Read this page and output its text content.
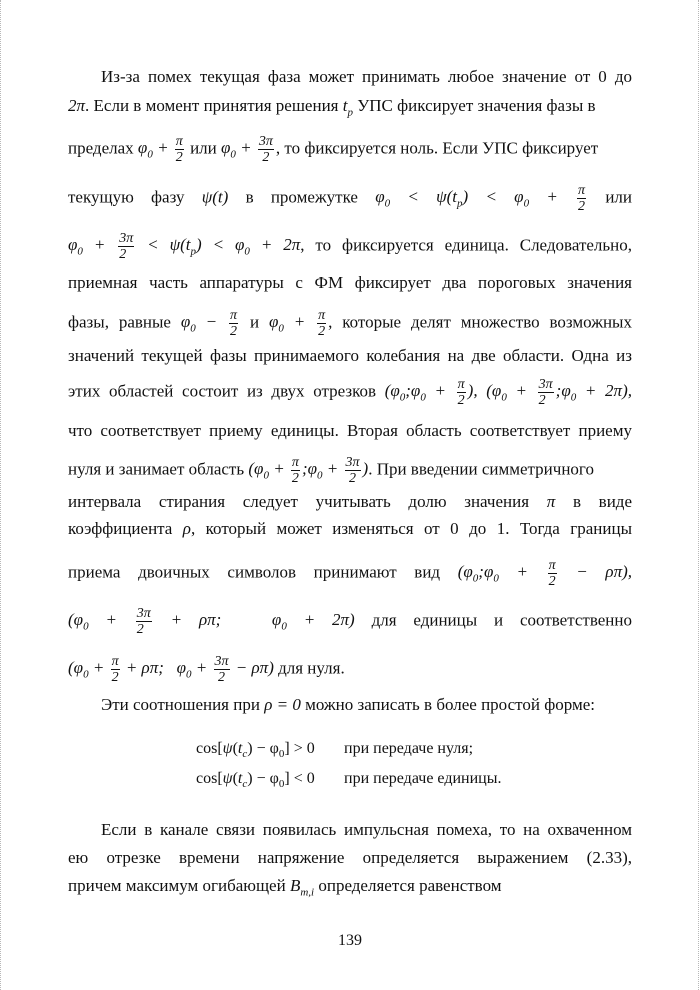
Из-за помех текущая фаза может принимать любое значение от 0 до
2π. Если в момент принятия решения $t_p$ УПС фиксирует значения фазы в
пределах $\varphi_0 + \frac{\pi}{2}$ или $\varphi_0 + \frac{3\pi}{2}$ , то фиксируется ноль. Если УПС фиксирует
текущую фазу ψ(t) в промежутке $\varphi_0 < \psi(t_p) < \varphi_0 + \frac{\pi}{2}$ или
$\varphi_0 + \frac{3\pi}{2} < \psi(t_p) < \varphi_0 + 2\pi$, то фиксируется единица. Следовательно,
приемная часть аппаратуры с ФМ фиксирует два пороговых значения
фазы, равные $\varphi_0 - \frac{\pi}{2}$ и $\varphi_0 + \frac{\pi}{2}$ , которые делят множество возможных
значений текущей фазы принимаемого колебания на две области. Одна из
этих областей состоит из двух отрезков ($\varphi_0;\varphi_0 + \frac{\pi}{2}$ ), ($\varphi_0 + \frac{3\pi}{2}$ $;\varphi_0 + 2\pi$),
что соответствует приему единицы. Вторая область соответствует приему
нуля и занимает область ($\varphi_0 + \frac{\pi}{2}$ $;\varphi_0 + \frac{3\pi}{2}$ ). При введении симметричного
интервала стирания следует учитывать долю значения π в виде
коэффициента ρ, который может изменяться от 0 до 1. Тогда границы
приема двоичных символов принимают вид $(\varphi_0;\varphi_0 + \frac{\pi}{2} - \rho\pi)$,
($\varphi_0 + \frac{3\pi}{2} + \rho\pi$;   $\varphi_0 + 2\pi$) для единицы и соответственно
($\varphi_0 + \frac{\pi}{2} + \rho\pi$;   $\varphi_0 + \frac{3\pi}{2} - \rho\pi$) для нуля.
Эти соотношения при ρ = 0 можно записать в более простой форме:
$\cos[\psi(t_c) - \varphi_0] > 0$ при передаче нуля;
$\cos[\psi(t_c) - \varphi_0] < 0$ при передаче единицы.
Если в канале связи появилась импульсная помеха, то на охваченном
ею отрезке времени напряжение определяется выражением (2.33),
причем максимум огибающей $B_{m,i}$ определяется равенством
139
